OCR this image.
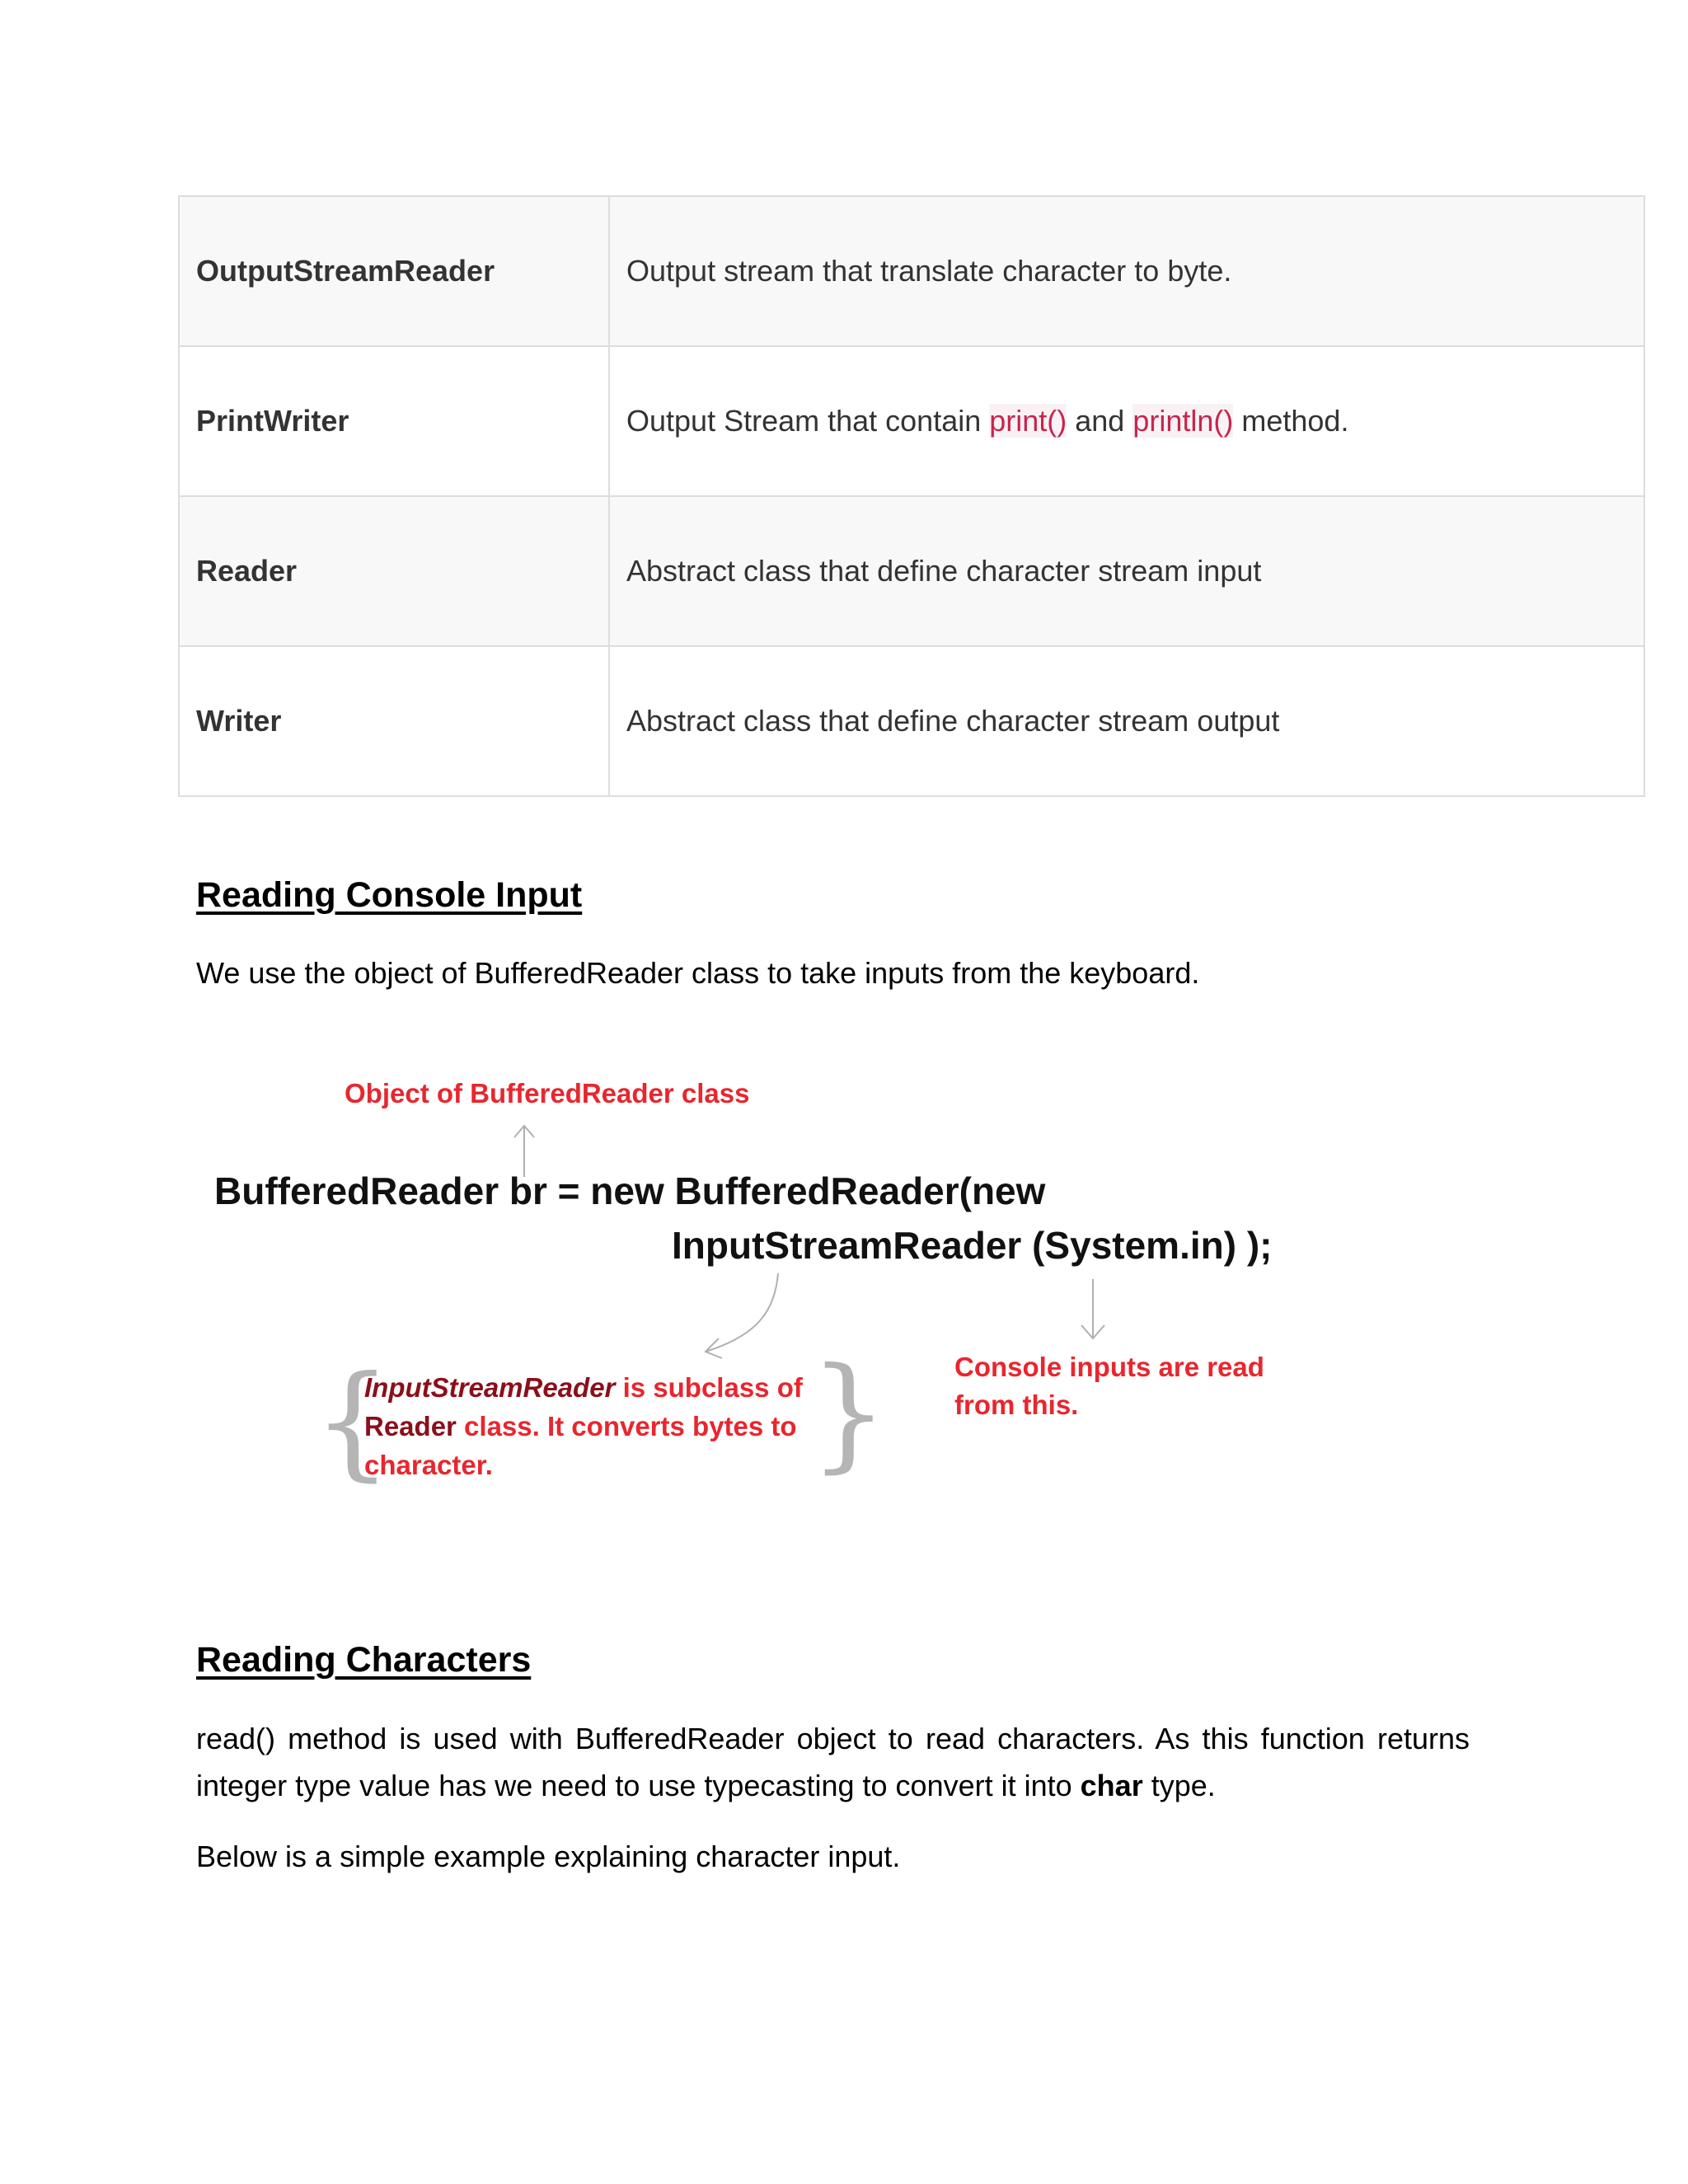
OutputStreamReader	Output stream that translate character to byte.
PrintWriter	Output Stream that contain print() and println() method.
Reader	Abstract class that define character stream input
Writer	Abstract class that define character stream output
Reading Console Input

We use the object of BufferedReader class to take inputs from the keyboard.

Object of BufferedReader class

BufferedReader br = new BufferedReader(new

InputStreamReader (System.in) );

Console inputs are read from this.

{	}

InputStreamReader is subclass of Reader class. It converts bytes to character.

Reading Characters

read() method is used with BufferedReader object to read characters. As this function returns integer type value has we need to use typecasting to convert it into char type.

Below is a simple example explaining character input.
